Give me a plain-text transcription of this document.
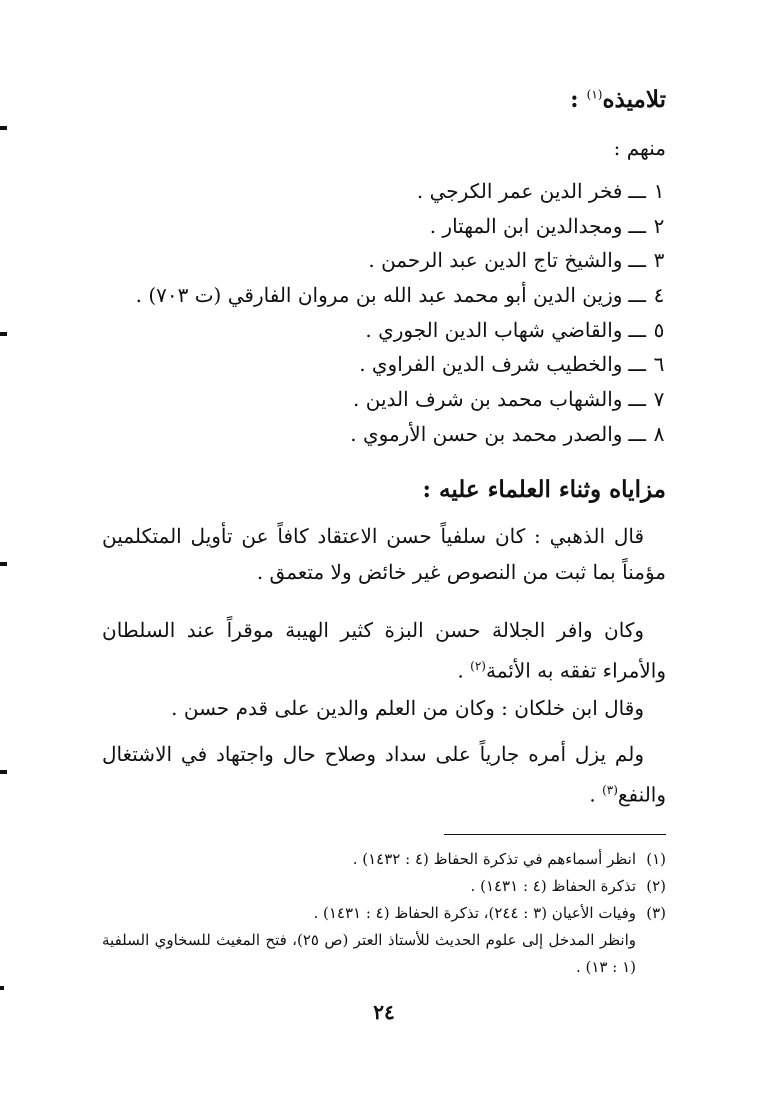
تلاميذه$^{(١)}$ :
منهم :
١ـــفخر الدين عمر الكرجي .
٢ـــومجدالدين ابن المهتار .
٣ـــوالشيخ تاج الدين عبد الرحمن .
٤ـــوزين الدين أبو محمد عبد الله بن مروان الفارقي (ت ٧٠٣) .
٥ـــوالقاضي شهاب الدين الجوري .
٦ـــوالخطيب شرف الدين الفراوي .
٧ـــوالشهاب محمد بن شرف الدين .
٨ـــوالصدر محمد بن حسن الأرموي .
مزاياه وثناء العلماء عليه :
قال الذهبي : كان سلفياً حسن الاعتقاد كافاً عن تأويل المتكلمين مؤمناً بما ثبت من النصوص غير خائض ولا متعمق .
وكان وافر الجلالة حسن البزة كثير الهيبة موقراً عند السلطان والأمراء تفقه به الأئمة$^{(٢)}$ .
وقال ابن خلكان : وكان من العلم والدين على قدم حسن .
ولم يزل أمره جارياً على سداد وصلاح حال واجتهاد في الاشتغال والنفع$^{(٣)}$ .
(١)انظر أسماءهم في تذكرة الحفاظ (٤ : ١٤٣٢) .
(٢)تذكرة الحفاظ (٤ : ١٤٣١) .
(٣)وفيات الأعيان (٣ : ٢٤٤)، تذكرة الحفاظ (٤ : ١٤٣١) .
وانظر المدخل إلى علوم الحديث للأستاذ العتر (ص ٢٥)، فتح المغيث للسخاوي السلفية (١ : ١٣) .
٢٤
